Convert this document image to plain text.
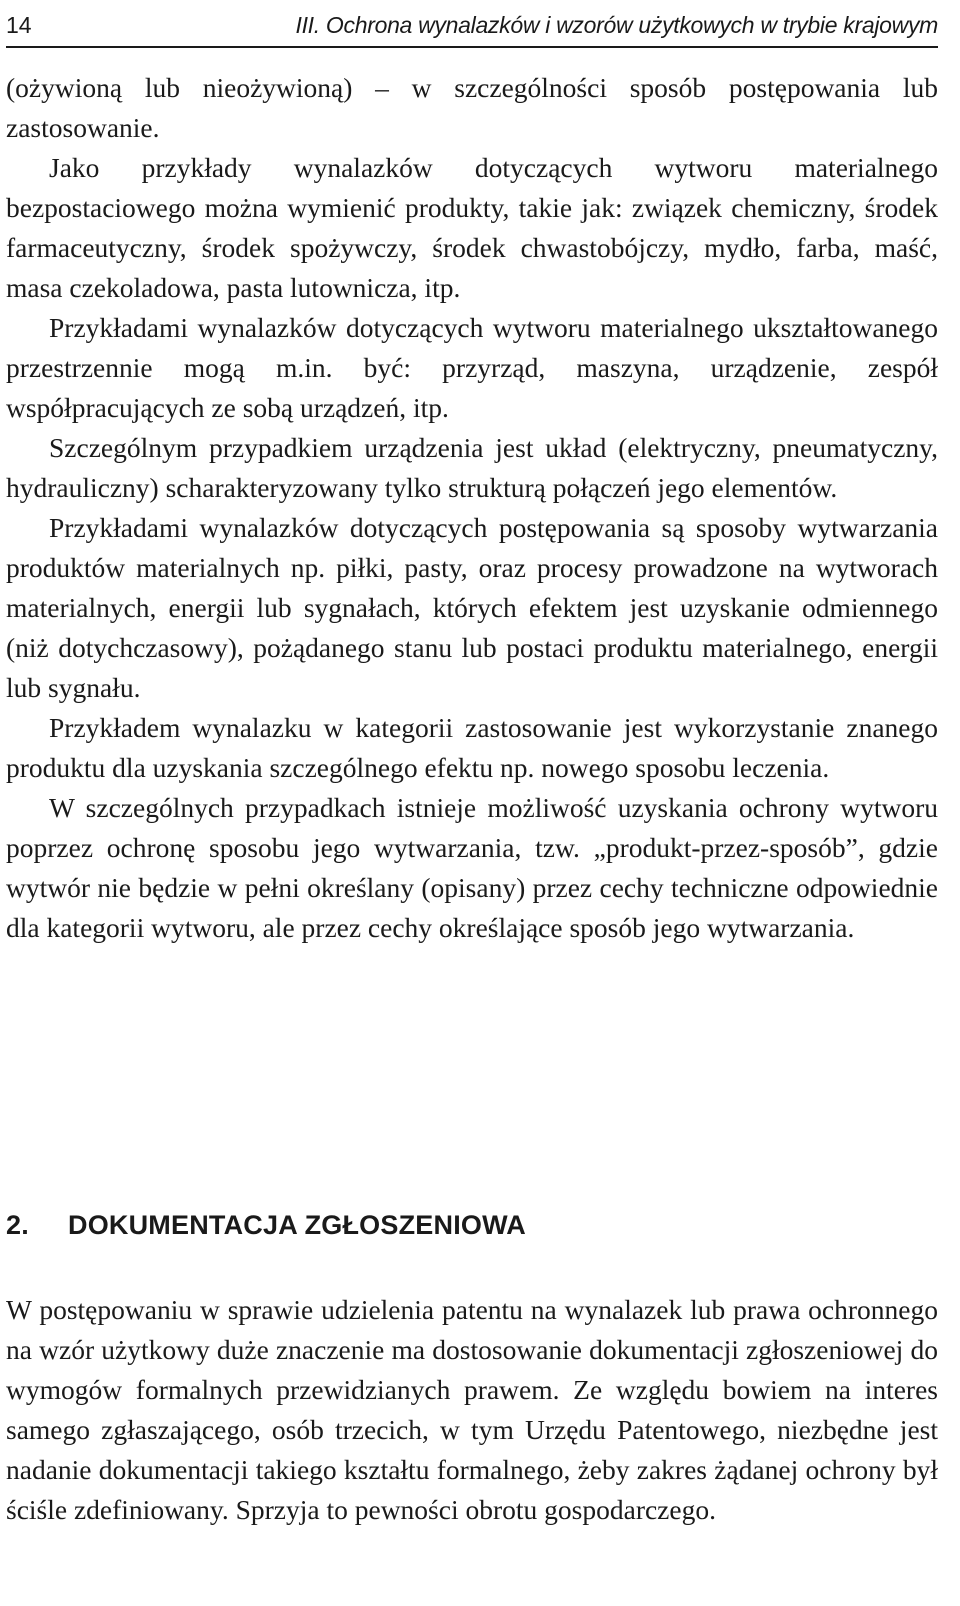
14	III. Ochrona wynalazków i wzorów użytkowych w trybie krajowym

(ożywioną lub nieożywioną) – w szczególności sposób postępowania lub zastosowanie.

Jako przykłady wynalazków dotyczących wytworu materialnego bezpostaciowego można wymienić produkty, takie jak: związek chemiczny, środek farmaceutyczny, środek spożywczy, środek chwastobójczy, mydło, farba, maść, masa czekoladowa, pasta lutownicza, itp.

Przykładami wynalazków dotyczących wytworu materialnego ukształtowanego przestrzennie mogą m.in. być: przyrząd, maszyna, urządzenie, zespół współpracujących ze sobą urządzeń, itp.

Szczególnym przypadkiem urządzenia jest układ (elektryczny, pneumatyczny, hydrauliczny) scharakteryzowany tylko strukturą połączeń jego elementów.

Przykładami wynalazków dotyczących postępowania są sposoby wytwarzania produktów materialnych np. piłki, pasty, oraz procesy prowadzone na wytworach materialnych, energii lub sygnałach, których efektem jest uzyskanie odmiennego (niż dotychczasowy), pożądanego stanu lub postaci produktu materialnego, energii lub sygnału.

Przykładem wynalazku w kategorii zastosowanie jest wykorzystanie znanego produktu dla uzyskania szczególnego efektu np. nowego sposobu leczenia.

W szczególnych przypadkach istnieje możliwość uzyskania ochrony wytworu poprzez ochronę sposobu jego wytwarzania, tzw. „produkt-przez-sposób”, gdzie wytwór nie będzie w pełni określany (opisany) przez cechy techniczne odpowiednie dla kategorii wytworu, ale przez cechy określające sposób jego wytwarzania.

2. DOKUMENTACJA ZGŁOSZENIOWA

W postępowaniu w sprawie udzielenia patentu na wynalazek lub prawa ochronnego na wzór użytkowy duże znaczenie ma dostosowanie dokumentacji zgłoszeniowej do wymogów formalnych przewidzianych prawem. Ze względu bowiem na interes samego zgłaszającego, osób trzecich, w tym Urzędu Patentowego, niezbędne jest nadanie dokumentacji takiego kształtu formalnego, żeby zakres żądanej ochrony był ściśle zdefiniowany. Sprzyja to pewności obrotu gospodarczego.
